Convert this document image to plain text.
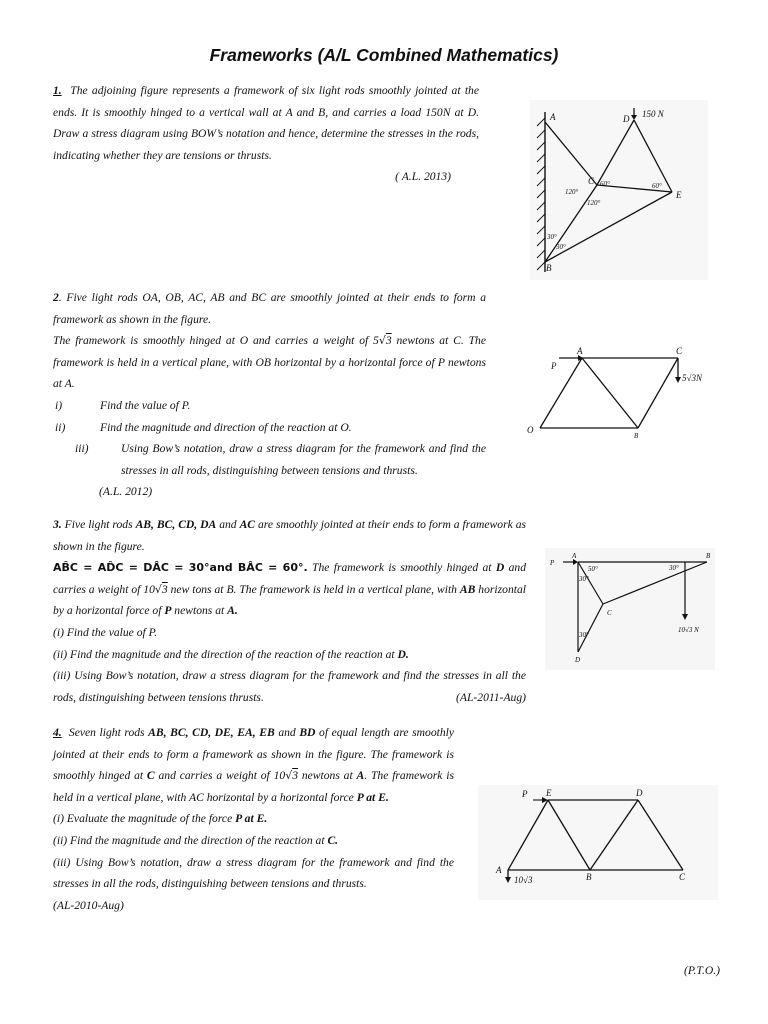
Frameworks (A/L Combined Mathematics)

1. The adjoining figure represents a framework of six light rods smoothly jointed at the ends. It is smoothly hinged to a vertical wall at A and B, and carries a load 150N at D. Draw a stress diagram using BOW’s notation and hence, determine the stresses in the rods, indicating whether they are tensions or thrusts.

( A.L. 2013)

A	D 150 N
C
E
B
60°
120°
120°
60°
30°
30°

2. Five light rods OA, OB, AC, AB and BC are smoothly jointed at their ends to form a framework as shown in the figure.

The framework is smoothly hinged at O and carries a weight of 5√3 newtons at C. The framework is held in a vertical plane, with OB horizontal by a horizontal force of P newtons at A.

i)	Find the value of P.

ii)	Find the magnitude and direction of the reaction at O.

iii)	Using Bow’s notation, draw a stress diagram for the framework and find the stresses in all rods, distinguishing between tensions and thrusts.

(A.L. 2012)

A	C
P
5√3N
O
B

3. Five light rods AB, BC, CD, DA and AC are smoothly jointed at their ends to form a framework as shown in the figure.

AB̂C = AD̂C = DÂC = 30°and BÂC = 60°. The framework is smoothly hinged at D and carries a weight of 10√3 new tons at B. The framework is held in a vertical plane, with AB horizontal by a horizontal force of P newtons at A.

(i) Find the value of P.

(ii) Find the magnitude and the direction of the reaction of the reaction at D.

(iii) Using Bow’s notation, draw a stress diagram for the framework and find the stresses in all the rods, distinguishing between tensions thrusts.	(AL-2011-Aug)

A	B
C
D
P
50°	30°
30°
30°
10√3 N

4. Seven light rods AB, BC, CD, DE, EA, EB and BD of equal length are smoothly jointed at their ends to form a framework as shown in the figure. The framework is smoothly hinged at C and carries a weight of 10√3 newtons at A. The framework is held in a vertical plane, with AC horizontal by a horizontal force P at E.

(i) Evaluate the magnitude of the force P at E.

(ii) Find the magnitude and the direction of the reaction at C.

(iii) Using Bow’s notation, draw a stress diagram for the framework and find the stresses in all the rods, distinguishing between tensions and thrusts.

(AL-2010-Aug)

P E	D
A
B	C
10√3
(P.T.O.)
